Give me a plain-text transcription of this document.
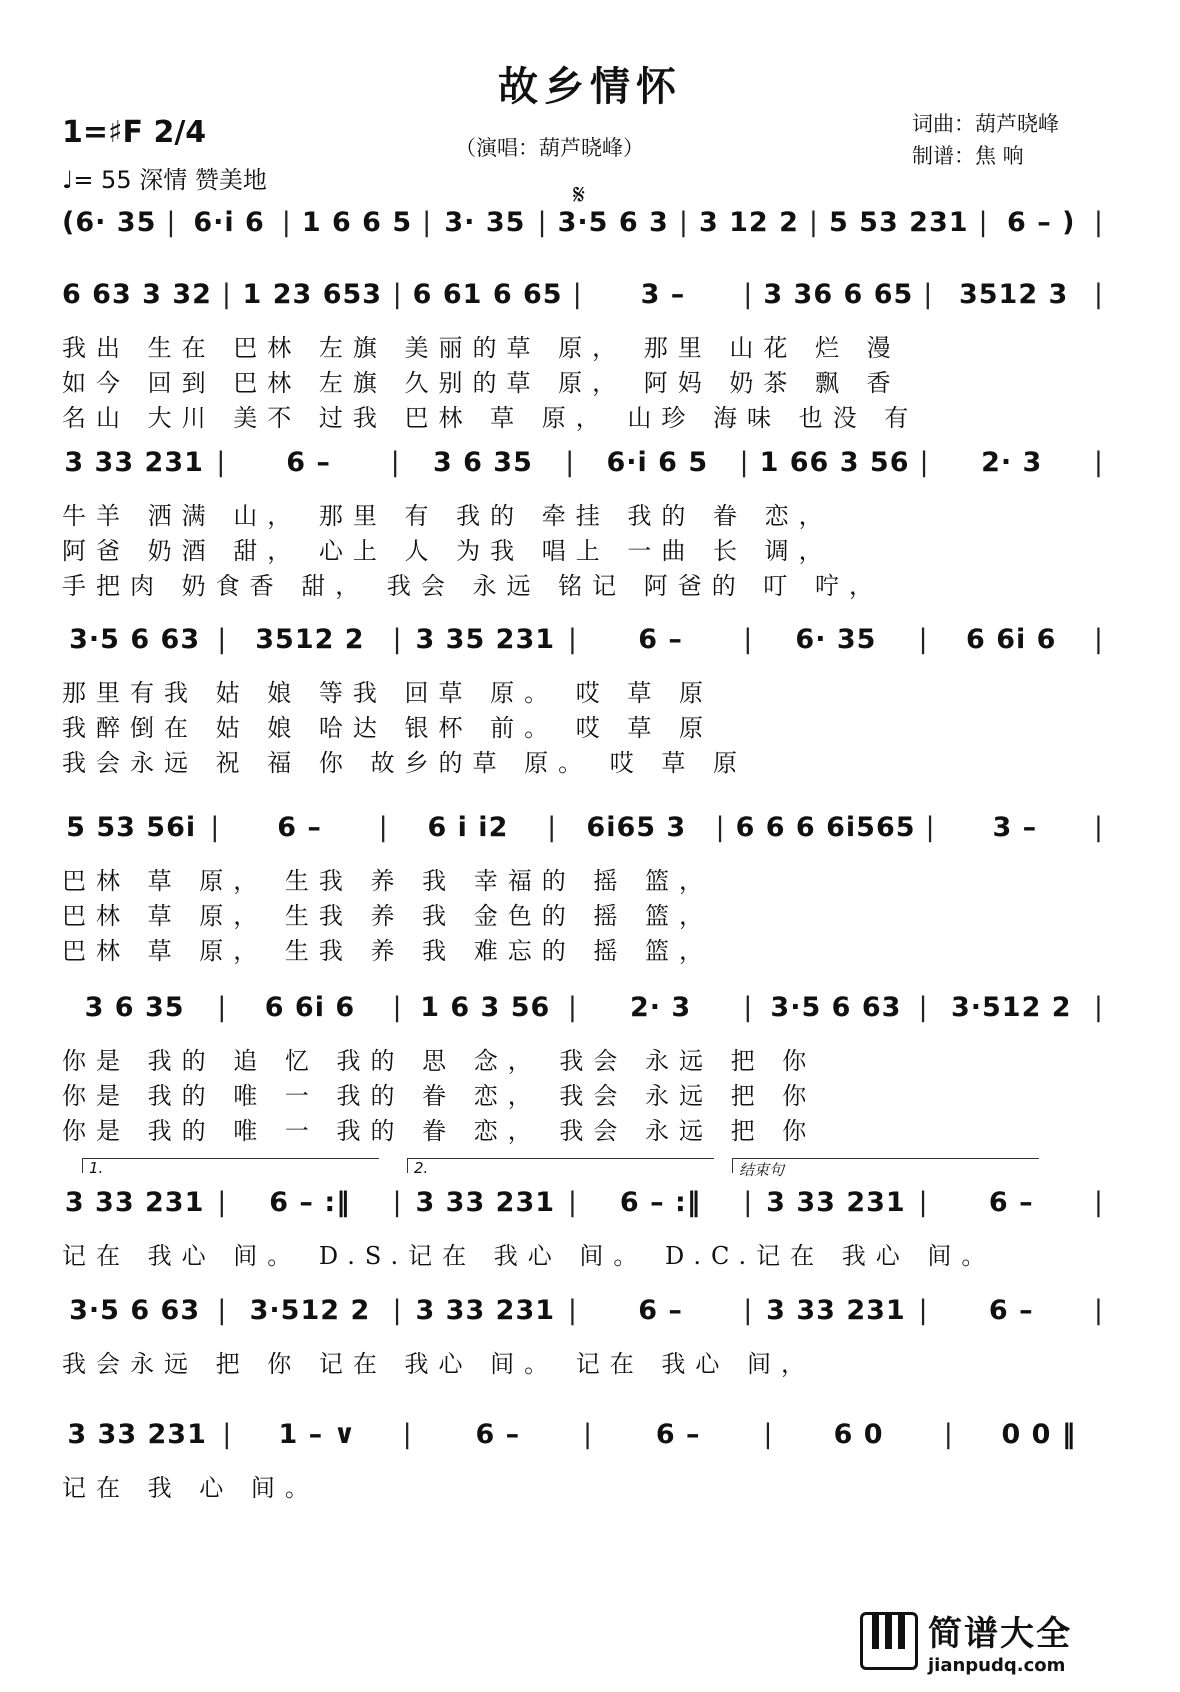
故乡情怀
1=♯F 2/4
♩= 55 深情 赞美地
（演唱：葫芦晓峰）
词曲：葫芦晓峰
制谱：焦 响
𝄋
(6· 35 | 6·i 6 | 1 6 6 5 | 3· 35 | 3·5 6 3 | 3 12 2 | 5 53 231 | 6 – ) |
6 63 3 32 | 1 23 653 | 6 61 6 65 |	3 –	| 3 36 6 65 | 3512 3 |
我出 生在 巴林 左旗 美丽的草 原， 那里 山花 烂 漫
如今 回到 巴林 左旗 久别的草 原， 阿妈 奶茶 飘 香
名山 大川 美不 过我 巴林 草 原， 山珍 海味 也没 有
3 33 231 |	6 –	|	3 6 35	|	6·i 6 5	| 1 66 3 56 |	2· 3	|
牛羊 洒满 山， 那里 有 我的 牵挂 我的 眷 恋，
阿爸 奶酒 甜， 心上 人 为我 唱上 一曲 长 调，
手把肉 奶食香 甜， 我会 永远 铭记 阿爸的 叮 咛，
3·5 6 63 |	3512 2	| 3 35 231 |	6 –	|	6· 35	|	6 6i 6	|
那里有我 姑 娘 等我 回草 原。 哎 草 原
我醉倒在 姑 娘 哈达 银杯 前。 哎 草 原
我会永远 祝 福 你 故乡的草 原。 哎 草 原
5 53 56i |	6 –	|	6 i i2	|	6i65 3	| 6 6 6 6i565 |	3 –	|
巴林 草 原， 生我 养 我 幸福的 摇 篮，
巴林 草 原， 生我 养 我 金色的 摇 篮，
巴林 草 原， 生我 养 我 难忘的 摇 篮，
3 6 35	|	6 6i 6	| 1 6 3 56 |	2· 3	| 3·5 6 63 | 3·512 2 |
你是 我的 追 忆 我的 思 念， 我会 永远 把 你
你是 我的 唯 一 我的 眷 恋， 我会 永远 把 你
你是 我的 唯 一 我的 眷 恋， 我会 永远 把 你
1.	2.	结束句
3 33 231 |	6 – :‖	| 3 33 231 |	6 – :‖	| 3 33 231 |	6 –	|
记在 我心 间。 D.S.记在 我心 间。 D.C.记在 我心 间。
3·5 6 63 | 3·512 2 | 3 33 231 |	6 –	| 3 33 231 |	6 –	|
我会永远 把 你 记在 我心 间。 记在 我心 间，
3 33 231 |	1 – ∨	|	6 –	|	6 –	|	6 0	|	0 0 ‖
记在 我 心 间。
简谱大全
jianpudq.com
